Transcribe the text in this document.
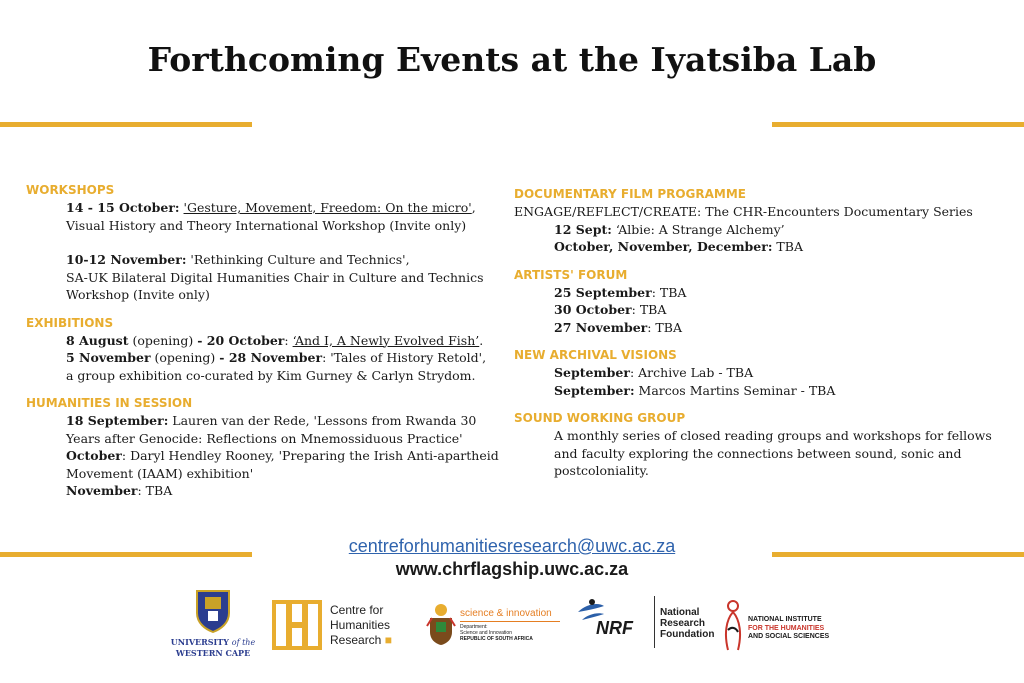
Forthcoming Events at the Iyatsiba Lab
WORKSHOPS
14 - 15 October: 'Gesture, Movement, Freedom: On the micro',
Visual History and Theory International Workshop (Invite only)
10-12 November: 'Rethinking Culture and Technics',
SA-UK Bilateral Digital Humanities Chair in Culture and Technics
Workshop (Invite only)
EXHIBITIONS
8 August (opening) - 20 October: ‘And I, A Newly Evolved Fish’.
5 November (opening) - 28 November: 'Tales of History Retold',
a group exhibition co-curated by Kim Gurney & Carlyn Strydom.
HUMANITIES IN SESSION
18 September: Lauren van der Rede, 'Lessons from Rwanda 30
Years after Genocide: Reflections on Mnemossiduous Practice'
October: Daryl Hendley Rooney, 'Preparing the Irish Anti-apartheid
Movement (IAAM) exhibition'
November: TBA
DOCUMENTARY FILM PROGRAMME
ENGAGE/REFLECT/CREATE: The CHR-Encounters Documentary Series
12 Sept: ‘Albie: A Strange Alchemy’
October, November, December: TBA
ARTISTS' FORUM
25 September: TBA
30 October: TBA
27 November: TBA
NEW ARCHIVAL VISIONS
September: Archive Lab - TBA
September: Marcos Martins Seminar - TBA
SOUND WORKING GROUP
A monthly series of closed reading groups and workshops for fellows
and faculty exploring the connections between sound, sonic and
postcoloniality.
centreforhumanitiesresearch@uwc.ac.za
www.chrflagship.uwc.ac.za
UNIVERSITY of the
WESTERN CAPE
Centre for
Humanities
Research ■
science & innovation
Department:
Science and Innovation
REPUBLIC OF SOUTH AFRICA
NRF
National
Research
Foundation
NATIONAL INSTITUTE
FOR THE HUMANITIES
AND SOCIAL SCIENCES
